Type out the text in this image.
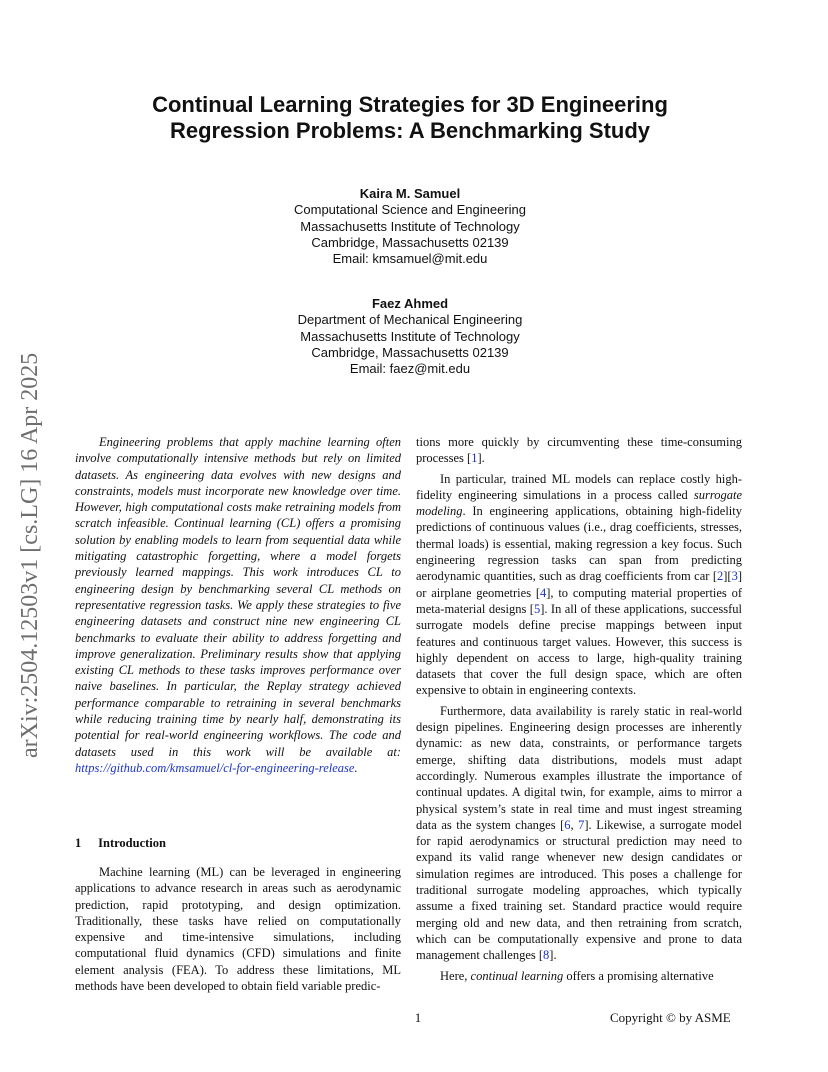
Continual Learning Strategies for 3D Engineering
Regression Problems: A Benchmarking Study
Kaira M. Samuel
Computational Science and Engineering
Massachusetts Institute of Technology
Cambridge, Massachusetts 02139
Email: kmsamuel@mit.edu
Faez Ahmed
Department of Mechanical Engineering
Massachusetts Institute of Technology
Cambridge, Massachusetts 02139
Email: faez@mit.edu
arXiv:2504.12503v1 [cs.LG] 16 Apr 2025	Engineering problems that apply machine learning often involve computationally intensive methods but rely on limited datasets. As engineering data evolves with new designs and constraints, models must incorporate new knowledge over time. However, high computational costs make retraining models from scratch infeasible. Continual learning (CL) offers a promising solution by enabling models to learn from sequential data while mitigating catastrophic forgetting, where a model forgets previously learned mappings. This work introduces CL to engineering design by benchmarking several CL methods on representative regression tasks. We apply these strategies to five engineering datasets and construct nine new engineering CL benchmarks to evaluate their ability to address forgetting and improve generalization. Preliminary results show that applying existing CL methods to these tasks improves performance over naive baselines. In particular, the Replay strategy achieved performance comparable to retraining in several benchmarks while reducing training time by nearly half, demonstrating its potential for real-world engineering workflows. The code and datasets used in this work will be available at: https://github.com/kmsamuel/cl-for-engineering-release.

1 Introduction

Machine learning (ML) can be leveraged in engineering applications to advance research in areas such as aerodynamic prediction, rapid prototyping, and design optimization. Traditionally, these tasks have relied on computationally expensive and time-intensive simulations, including computational fluid dynamics (CFD) simulations and finite element analysis (FEA). To address these limitations, ML methods have been developed to obtain field variable predic-

tions more quickly by circumventing these time-consuming processes [1].

In particular, trained ML models can replace costly high-fidelity engineering simulations in a process called surrogate modeling. In engineering applications, obtaining high-fidelity predictions of continuous values (i.e., drag coefficients, stresses, thermal loads) is essential, making regression a key focus. Such engineering regression tasks can span from predicting aerodynamic quantities, such as drag coefficients from car [2][3] or airplane geometries [4], to computing material properties of meta-material designs [5]. In all of these applications, successful surrogate models define precise mappings between input features and continuous target values. However, this success is highly dependent on access to large, high-quality training datasets that cover the full design space, which are often expensive to obtain in engineering contexts.

Furthermore, data availability is rarely static in real-world design pipelines. Engineering design processes are inherently dynamic: as new data, constraints, or performance targets emerge, shifting data distributions, models must adapt accordingly. Numerous examples illustrate the importance of continual updates. A digital twin, for example, aims to mirror a physical system’s state in real time and must ingest streaming data as the system changes [6, 7]. Likewise, a surrogate model for rapid aerodynamics or structural prediction may need to expand its valid range whenever new design candidates or simulation regimes are introduced. This poses a challenge for traditional surrogate modeling approaches, which typically assume a fixed training set. Standard practice would require merging old and new data, and then retraining from scratch, which can be computationally expensive and prone to data management challenges [8].

Here, continual learning offers a promising alternative

1	Copyright © by ASME
